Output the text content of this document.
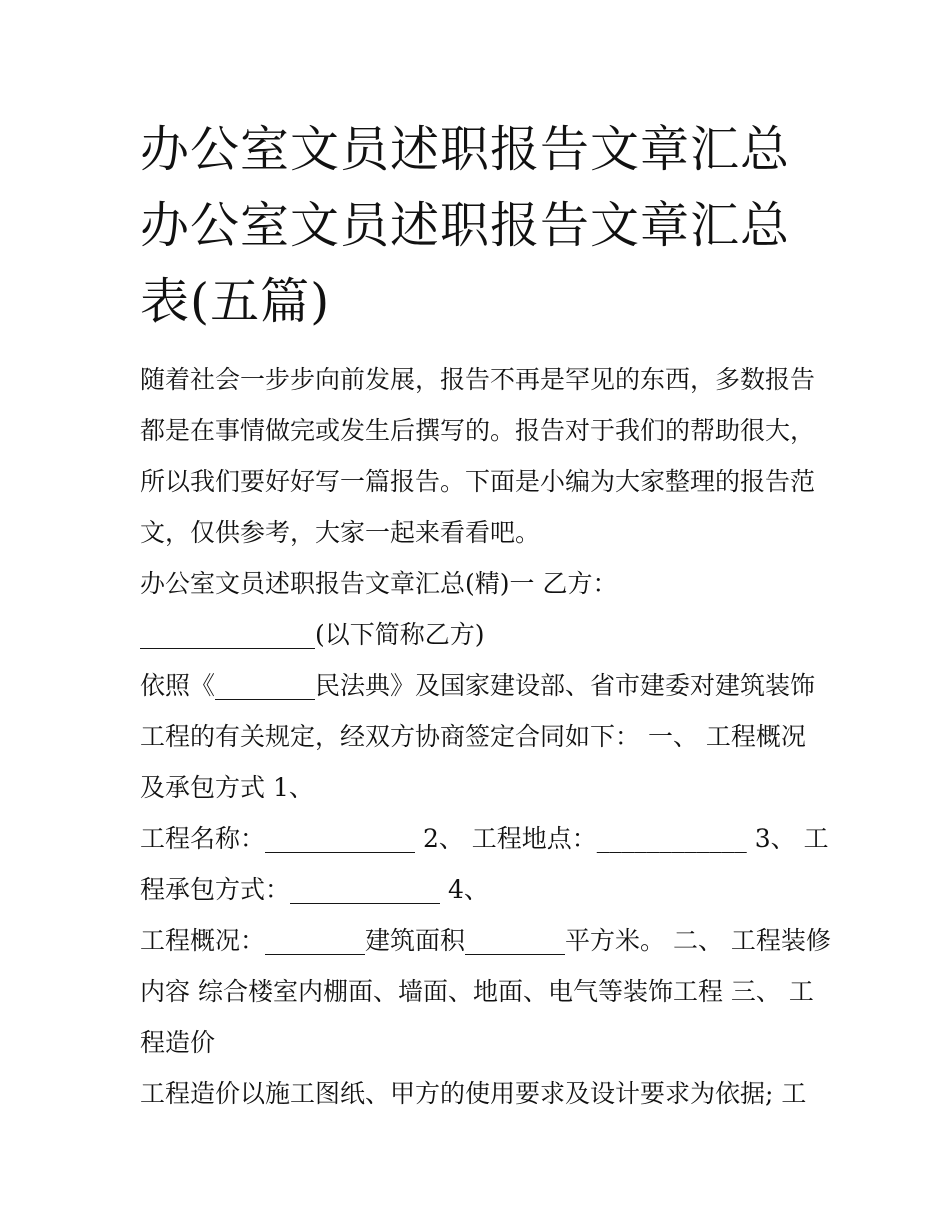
办公室文员述职报告文章汇总
办公室文员述职报告文章汇总
表(五篇)

随着社会一步步向前发展，报告不再是罕见的东西，多数报告
都是在事情做完或发生后撰写的。报告对于我们的帮助很大，
所以我们要好好写一篇报告。下面是小编为大家整理的报告范
文，仅供参考，大家一起来看看吧。

办公室文员述职报告文章汇总(精)一 乙方：
______________(以下简称乙方)

依照《________民法典》及国家建设部、省市建委对建筑装饰
工程的有关规定，经双方协商签定合同如下： 一、 工程概况
及承包方式 1、

工程名称：____________ 2、 工程地点：____________ 3、 工
程承包方式：____________ 4、

工程概况：________建筑面积________平方米。 二、 工程装修
内容 综合楼室内棚面、墙面、地面、电气等装饰工程 三、 工
程造价

工程造价以施工图纸、甲方的使用要求及设计要求为依据; 工
